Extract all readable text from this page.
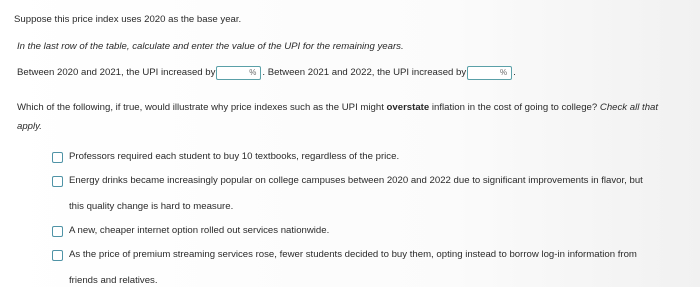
Suppose this price index uses 2020 as the base year.
In the last row of the table, calculate and enter the value of the UPI for the remaining years.
Between 2020 and 2021, the UPI increased by	% . Between 2021 and 2022, the UPI increased by	% .
Which of the following, if true, would illustrate why price indexes such as the UPI might overstate inflation in the cost of going to college? Check all that apply.
Professors required each student to buy 10 textbooks, regardless of the price.
Energy drinks became increasingly popular on college campuses between 2020 and 2022 due to significant improvements in flavor, but this quality change is hard to measure.
A new, cheaper internet option rolled out services nationwide.
As the price of premium streaming services rose, fewer students decided to buy them, opting instead to borrow log-in information from friends and relatives.
